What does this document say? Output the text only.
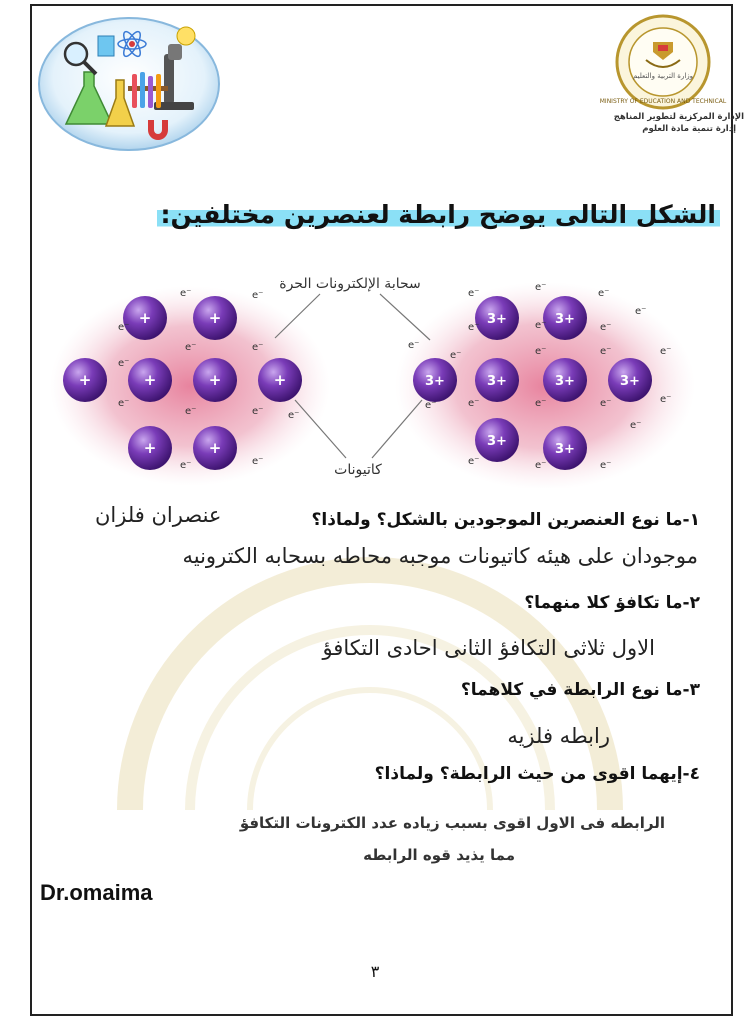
وزارة التربية والتعليم
MINISTRY OF EDUCATION AND TECHNICAL
الإدارة المركزية لتطوير المناهج
إدارة تنمية مادة العلوم
الشكل التالى يوضح رابطة لعنصرين مختلفين:
+	+
+	+	+	+
+	+
3+	3+
3+	3+	3+	3+
3+
3+
e⁻	e⁻
e⁻
e⁻
e⁻	e⁻
e⁻	e⁻
e⁻
e⁻	e⁻
e⁻
e⁻
e⁻
e⁻
e⁻	e⁻	e⁻
e⁻
e⁻	e⁻	e⁻	e⁻
e⁻	e⁻	e⁻	e⁻
e⁻	e⁻	e⁻
e⁻
e⁻
e⁻
سحابة الإلكترونات الحرة
كاتيونات
عنصران فلزان	١-ما نوع العنصرين الموجودين بالشكل؟ ولماذا؟
موجودان على هيئه كاتيونات موجبه محاطه بسحابه الكترونيه
٢-ما تكافؤ كلا منهما؟
الاول ثلاثى التكافؤ الثانى احادى التكافؤ
٣-ما نوع الرابطة في كلاهما؟
رابطه فلزيه
٤-إيهما اقوى من حيث الرابطة؟ ولماذا؟
الرابطه فى الاول اقوى بسبب زياده عدد الكترونات التكافؤ
مما يذيد قوه الرابطه
Dr.omaima
٣
